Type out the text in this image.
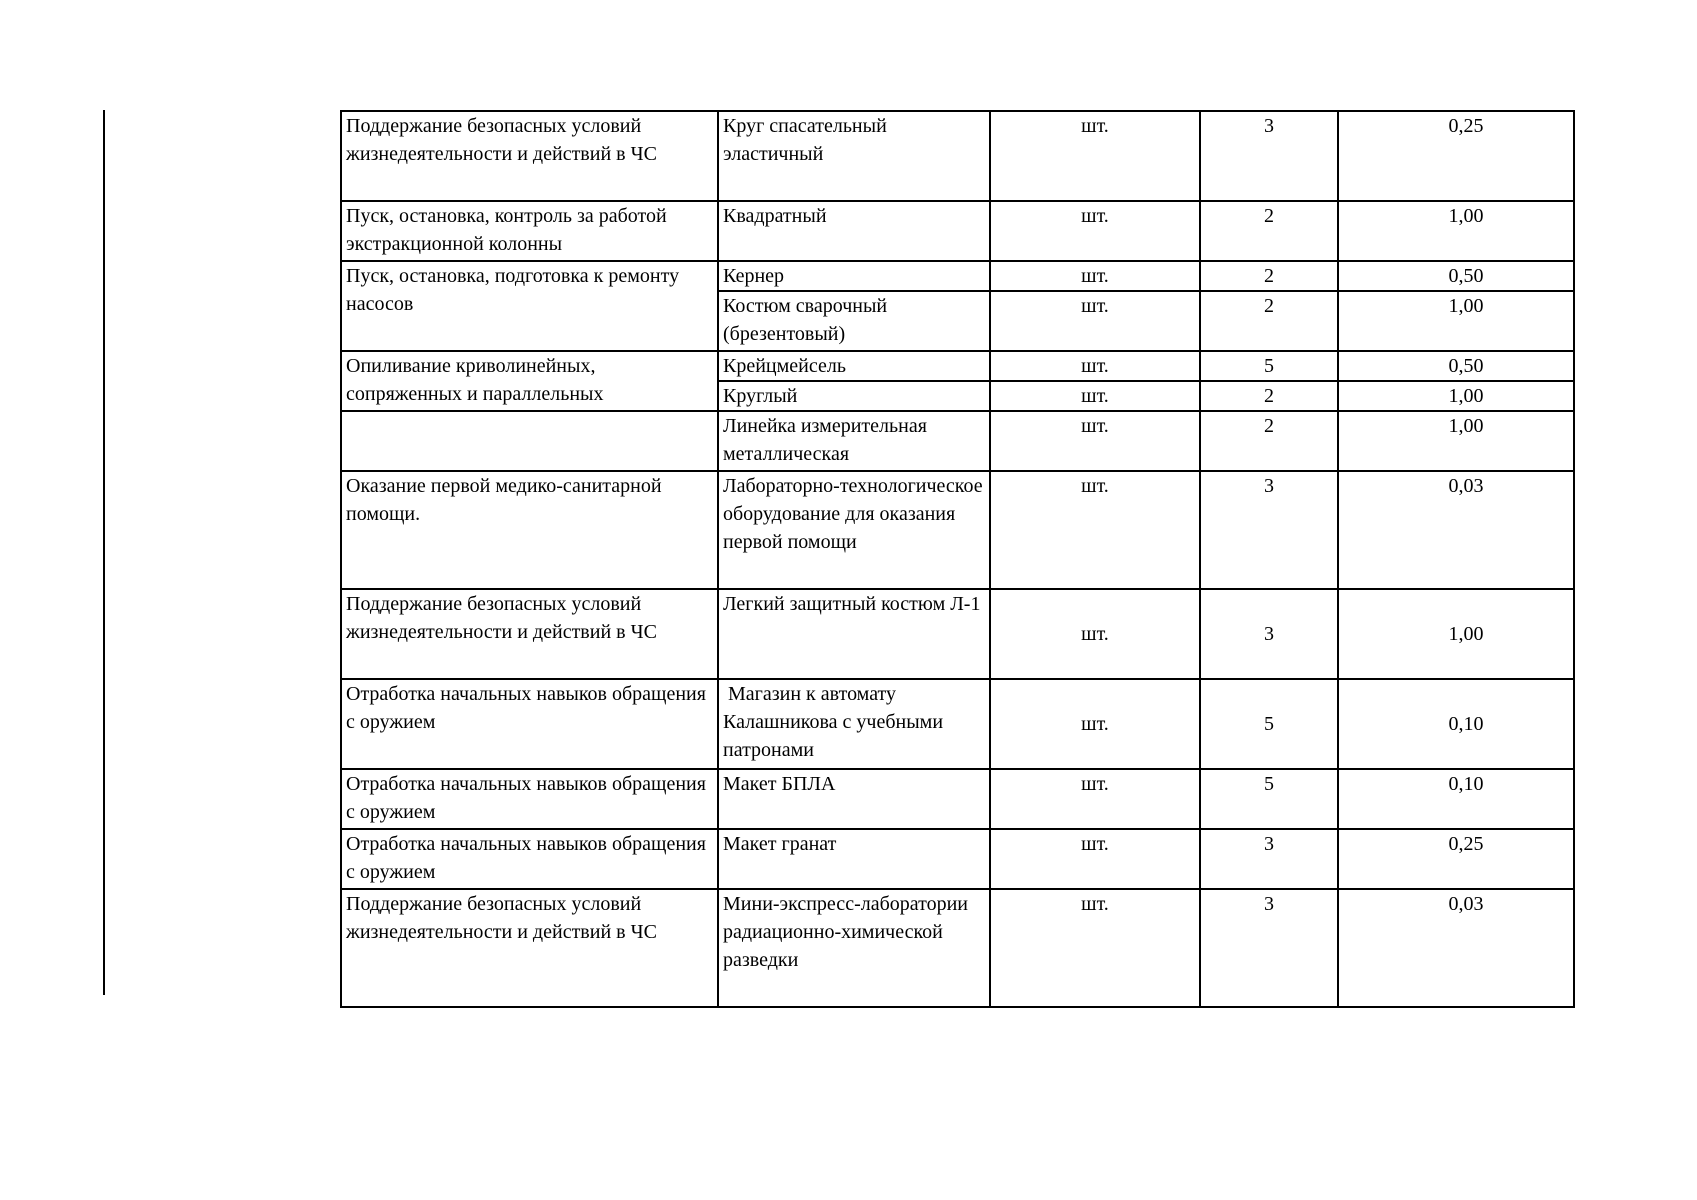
Поддержание безопасных условий жизнедеятельности и действий в ЧС	Круг спасательный эластичный	шт.	3	0,25
Пуск, остановка, контроль за работой экстракционной колонны	Квадратный	шт.	2	1,00
Пуск, остановка, подготовка к ремонту насосов	Кернер	шт.	2	0,50
	Костюм сварочный (брезентовый)	шт.	2	1,00
Опиливание криволинейных, сопряженных и параллельных	Крейцмейсель	шт.	5	0,50
	Круглый	шт.	2	1,00
	Линейка измерительная металлическая	шт.	2	1,00
Оказание первой медико-санитарной помощи.	Лабораторно-технологическое оборудование для оказания первой помощи	шт.	3	0,03
Поддержание безопасных условий жизнедеятельности и действий в ЧС	Легкий защитный костюм Л-1	шт.	3	1,00
Отработка начальных навыков обращения с оружием	Магазин к автомату Калашникова с учебными патронами	шт.	5	0,10
Отработка начальных навыков обращения с оружием	Макет БПЛА	шт.	5	0,10
Отработка начальных навыков обращения с оружием	Макет гранат	шт.	3	0,25
Поддержание безопасных условий жизнедеятельности и действий в ЧС	Мини-экспресс-лаборатории радиационно-химической разведки	шт.	3	0,03
